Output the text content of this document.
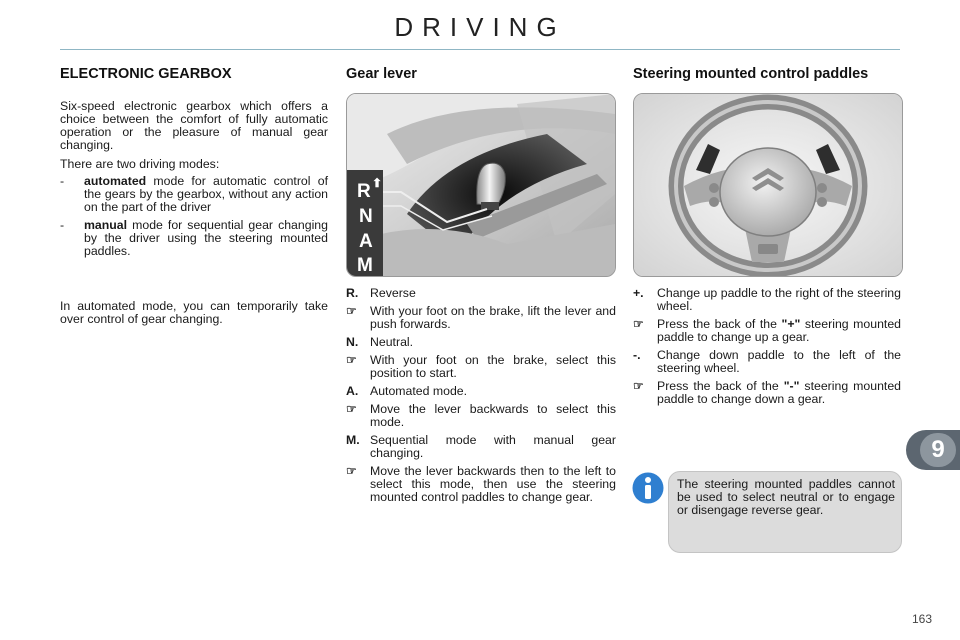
DRIVING
ELECTRONIC GEARBOX

Six-speed electronic gearbox which offers a choice between the comfort of fully automatic operation or the pleasure of manual gear changing.

There are two driving modes:

-	automated mode for automatic control of the gears by the gearbox, without any action on the part of the driver
-	manual mode for sequential gear changing by the driver using the steering mounted paddles.

In automated mode, you can temporarily take over control of gear changing.

Gear lever
R ⬆
N
A
M
R. Reverse
☞	With your foot on the brake, lift the lever and push forwards.
N. Neutral.
☞	With your foot on the brake, select this position to start.
A. Automated mode.
☞	Move the lever backwards to select this mode.
M. Sequential mode with manual gear changing.
☞	Move the lever backwards then to the left to select this mode, then use the steering mounted control paddles to change gear.
Steering mounted control paddles
+.	Change up paddle to the right of the steering wheel.
☞	Press the back of the "+" steering mounted paddle to change up a gear.
-.	Change down paddle to the left of the steering wheel.
☞	Press the back of the "-" steering mounted paddle to change down a gear.
The steering mounted paddles cannot be used to select neutral or to engage or disengage reverse gear.
9
163
